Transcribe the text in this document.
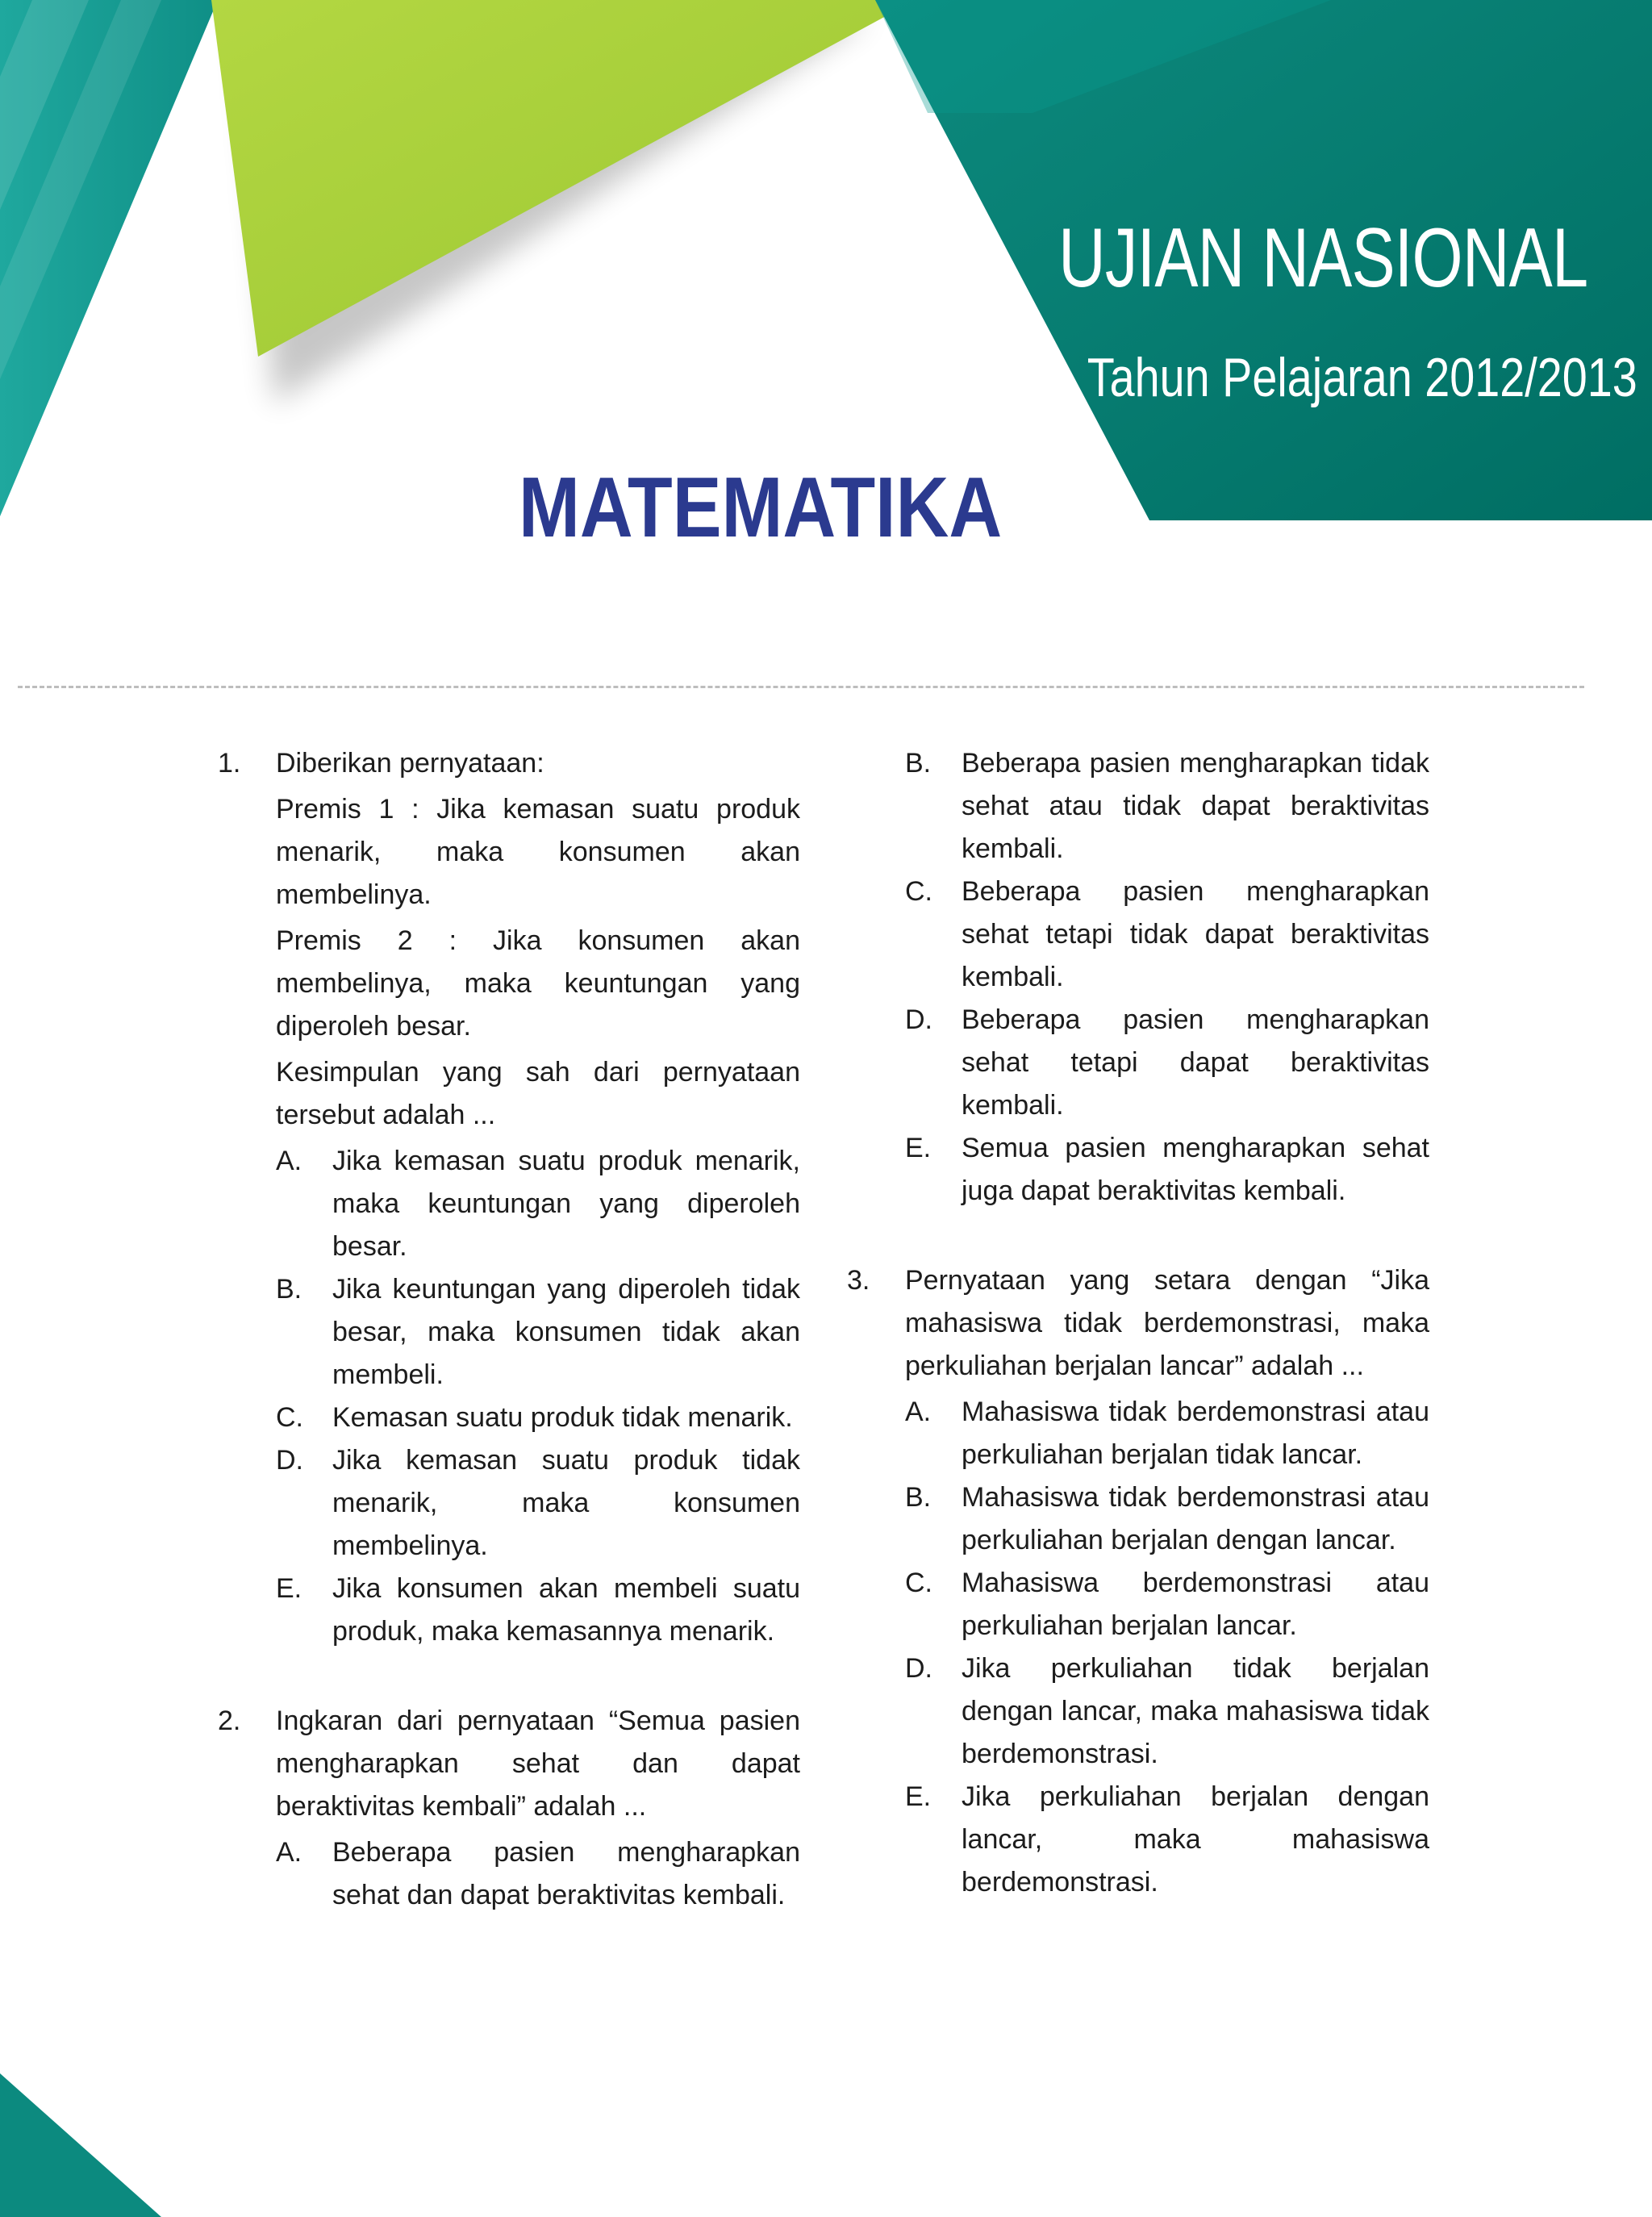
UJIAN NASIONAL
Tahun Pelajaran 2012/2013
MATEMATIKA
1.	Diberikan pernyataan:
Premis 1 : Jika kemasan suatu produk menarik, maka konsumen akan membelinya.
Premis 2 : Jika konsumen akan membelinya, maka keuntungan yang diperoleh besar.
Kesimpulan yang sah dari pernyataan tersebut adalah ...
A.	Jika kemasan suatu produk menarik, maka keuntungan yang diperoleh besar.
B.	Jika keuntungan yang diperoleh tidak besar, maka konsumen tidak akan membeli.
C.	Kemasan suatu produk tidak menarik.
D.	Jika kemasan suatu produk tidak menarik, maka konsumen membelinya.
E.	Jika konsumen akan membeli suatu produk, maka kemasannya menarik.
2.	Ingkaran dari pernyataan “Semua pasien mengharapkan sehat dan dapat beraktivitas kembali” adalah ...
A.	Beberapa pasien mengharapkan sehat dan dapat beraktivitas kembali.
B.	Beberapa pasien mengharapkan tidak sehat atau tidak dapat beraktivitas kembali.
C.	Beberapa pasien mengharapkan sehat tetapi tidak dapat beraktivitas kembali.
D.	Beberapa pasien mengharapkan sehat tetapi dapat beraktivitas kembali.
E.	Semua pasien mengharapkan sehat juga dapat beraktivitas kembali.
3.	Pernyataan yang setara dengan “Jika mahasiswa tidak berdemonstrasi, maka perkuliahan berjalan lancar” adalah ...
A.	Mahasiswa tidak berdemonstrasi atau perkuliahan berjalan tidak lancar.
B.	Mahasiswa tidak berdemonstrasi atau perkuliahan berjalan dengan lancar.
C.	Mahasiswa berdemonstrasi atau perkuliahan berjalan lancar.
D.	Jika perkuliahan tidak berjalan dengan lancar, maka mahasiswa tidak berdemonstrasi.
E.	Jika perkuliahan berjalan dengan lancar, maka mahasiswa berdemonstrasi.
